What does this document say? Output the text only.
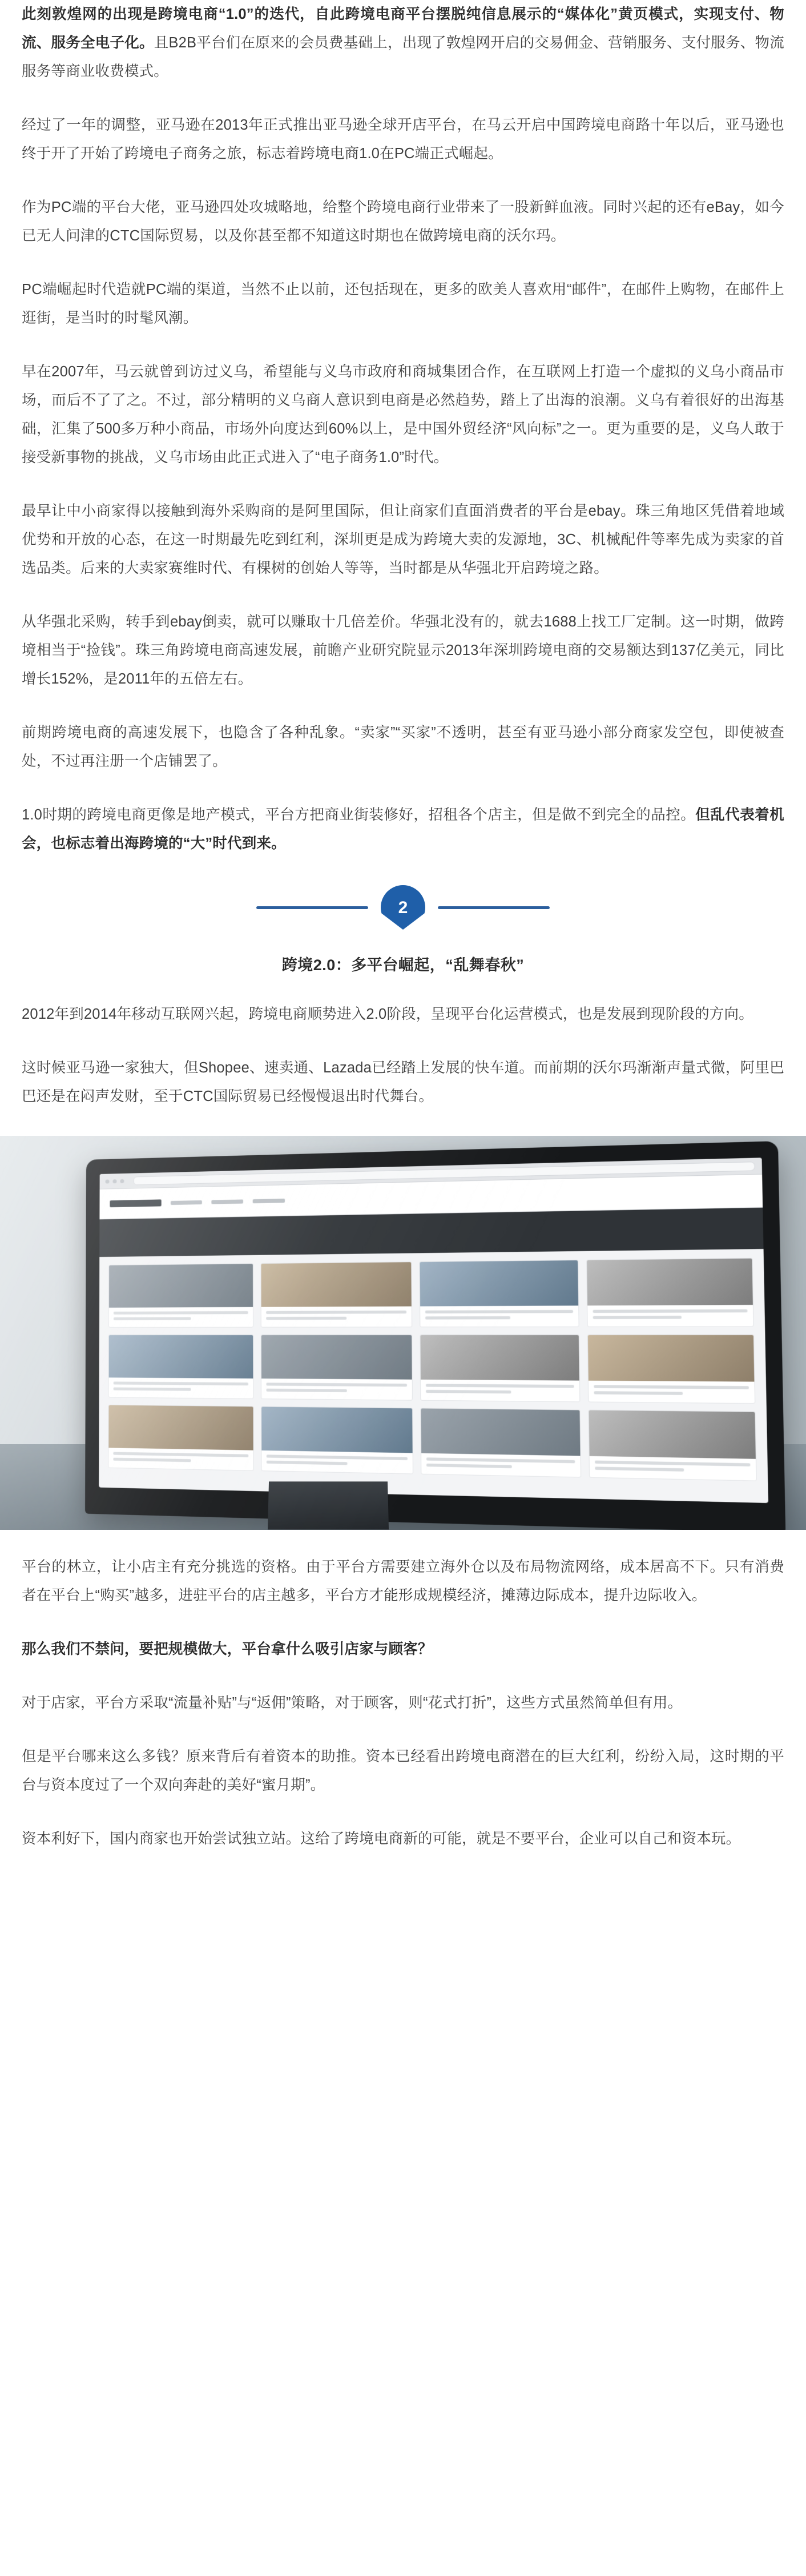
此刻敦煌网的出现是跨境电商“1.0”的迭代，自此跨境电商平台摆脱纯信息展示的“媒体化”黄页模式，实现支付、物流、服务全电子化。且B2B平台们在原来的会员费基础上，出现了敦煌网开启的交易佣金、营销服务、支付服务、物流服务等商业收费模式。

经过了一年的调整，亚马逊在2013年正式推出亚马逊全球开店平台，在马云开启中国跨境电商路十年以后，亚马逊也终于开了开始了跨境电子商务之旅，标志着跨境电商1.0在PC端正式崛起。

作为PC端的平台大佬，亚马逊四处攻城略地，给整个跨境电商行业带来了一股新鲜血液。同时兴起的还有eBay，如今已无人问津的CTC国际贸易，以及你甚至都不知道这时期也在做跨境电商的沃尔玛。

PC端崛起时代造就PC端的渠道，当然不止以前，还包括现在，更多的欧美人喜欢用“邮件”，在邮件上购物，在邮件上逛街，是当时的时髦风潮。

早在2007年，马云就曾到访过义乌，希望能与义乌市政府和商城集团合作，在互联网上打造一个虚拟的义乌小商品市场，而后不了了之。不过，部分精明的义乌商人意识到电商是必然趋势，踏上了出海的浪潮。义乌有着很好的出海基础，汇集了500多万种小商品，市场外向度达到60%以上，是中国外贸经济“风向标”之一。更为重要的是，义乌人敢于接受新事物的挑战，义乌市场由此正式进入了“电子商务1.0”时代。

最早让中小商家得以接触到海外采购商的是阿里国际，但让商家们直面消费者的平台是ebay。珠三角地区凭借着地域优势和开放的心态，在这一时期最先吃到红利，深圳更是成为跨境大卖的发源地，3C、机械配件等率先成为卖家的首选品类。后来的大卖家赛维时代、有棵树的创始人等等，当时都是从华强北开启跨境之路。

从华强北采购，转手到ebay倒卖，就可以赚取十几倍差价。华强北没有的，就去1688上找工厂定制。这一时期，做跨境相当于“捡钱”。珠三角跨境电商高速发展，前瞻产业研究院显示2013年深圳跨境电商的交易额达到137亿美元，同比增长152%，是2011年的五倍左右。

前期跨境电商的高速发展下，也隐含了各种乱象。“卖家”“买家”不透明，甚至有亚马逊小部分商家发空包，即使被查处，不过再注册一个店铺罢了。

1.0时期的跨境电商更像是地产模式，平台方把商业街装修好，招租各个店主，但是做不到完全的品控。但乱代表着机会，也标志着出海跨境的“大”时代到来。

2
跨境2.0：多平台崛起，“乱舞春秋”

2012年到2014年移动互联网兴起，跨境电商顺势进入2.0阶段，呈现平台化运营模式，也是发展到现阶段的方向。

这时候亚马逊一家独大，但Shopee、速卖通、Lazada已经踏上发展的快车道。而前期的沃尔玛渐渐声量式微，阿里巴巴还是在闷声发财，至于CTC国际贸易已经慢慢退出时代舞台。

平台的林立，让小店主有充分挑选的资格。由于平台方需要建立海外仓以及布局物流网络，成本居高不下。只有消费者在平台上“购买”越多，进驻平台的店主越多，平台方才能形成规模经济，摊薄边际成本，提升边际收入。

那么我们不禁问，要把规模做大，平台拿什么吸引店家与顾客？

对于店家，平台方采取“流量补贴”与“返佣”策略，对于顾客，则“花式打折”，这些方式虽然简单但有用。

但是平台哪来这么多钱？原来背后有着资本的助推。资本已经看出跨境电商潜在的巨大红利，纷纷入局，这时期的平台与资本度过了一个双向奔赴的美好“蜜月期”。

资本利好下，国内商家也开始尝试独立站。这给了跨境电商新的可能，就是不要平台，企业可以自己和资本玩。
